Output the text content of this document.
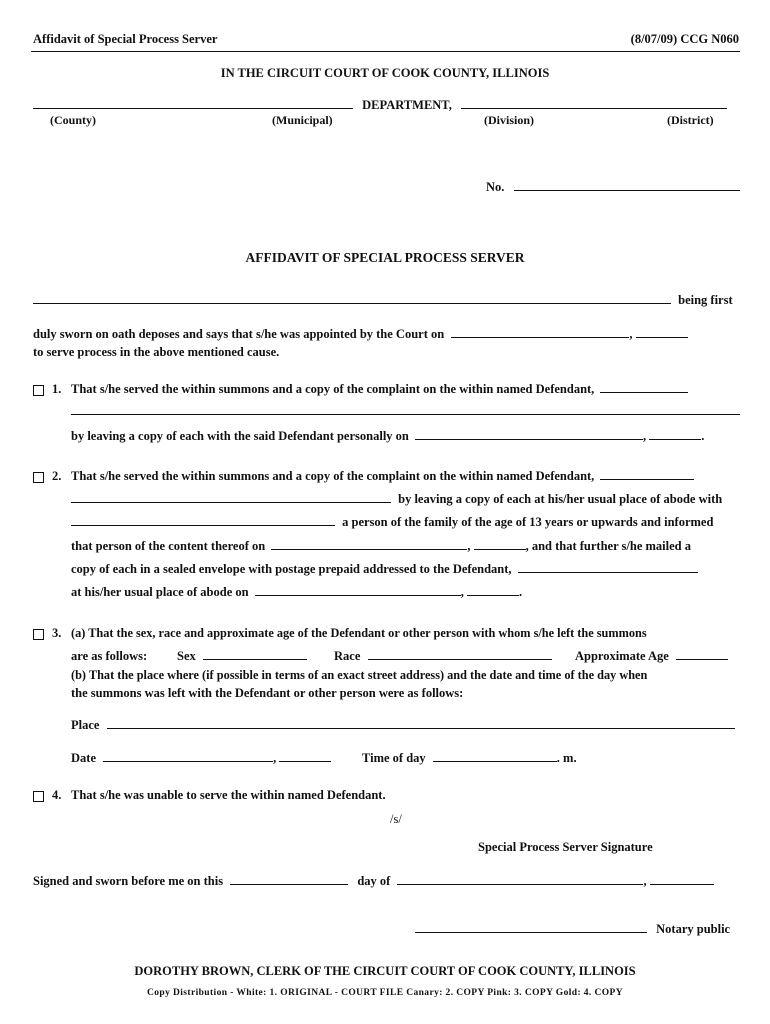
Affidavit of Special Process Server	(8/07/09) CCG N060
IN THE CIRCUIT COURT OF COOK COUNTY, ILLINOIS
DEPARTMENT,
(County)	(Municipal)	(Division)	(District)
No.
AFFIDAVIT OF SPECIAL PROCESS SERVER
being first
duly sworn on oath deposes and says that s/he was appointed by the Court on	,
to serve process in the above mentioned cause.
1. That s/he served the within summons and a copy of the complaint on the within named Defendant,
by leaving a copy of each with the said Defendant personally on	,	.
2. That s/he served the within summons and a copy of the complaint on the within named Defendant,
by leaving a copy of each at his/her usual place of abode with
a person of the family of the age of 13 years or upwards and informed
that person of the content thereof on	,	, and that further s/he mailed a
copy of each in a sealed envelope with postage prepaid addressed to the Defendant,
at his/her usual place of abode on	,	.
3. (a) That the sex, race and approximate age of the Defendant or other person with whom s/he left the summons
are as follows: Sex	Race	Approximate Age
(b) That the place where (if possible in terms of an exact street address) and the date and time of the day when
the summons was left with the Defendant or other person were as follows:
Place
Date	,	Time of day	. m.
4. That s/he was unable to serve the within named Defendant.
/s/
Special Process Server Signature
Signed and sworn before me on this	day of	,
Notary public
DOROTHY BROWN, CLERK OF THE CIRCUIT COURT OF COOK COUNTY, ILLINOIS
Copy Distribution - White: 1. ORIGINAL - COURT FILE Canary: 2. COPY Pink: 3. COPY Gold: 4. COPY
